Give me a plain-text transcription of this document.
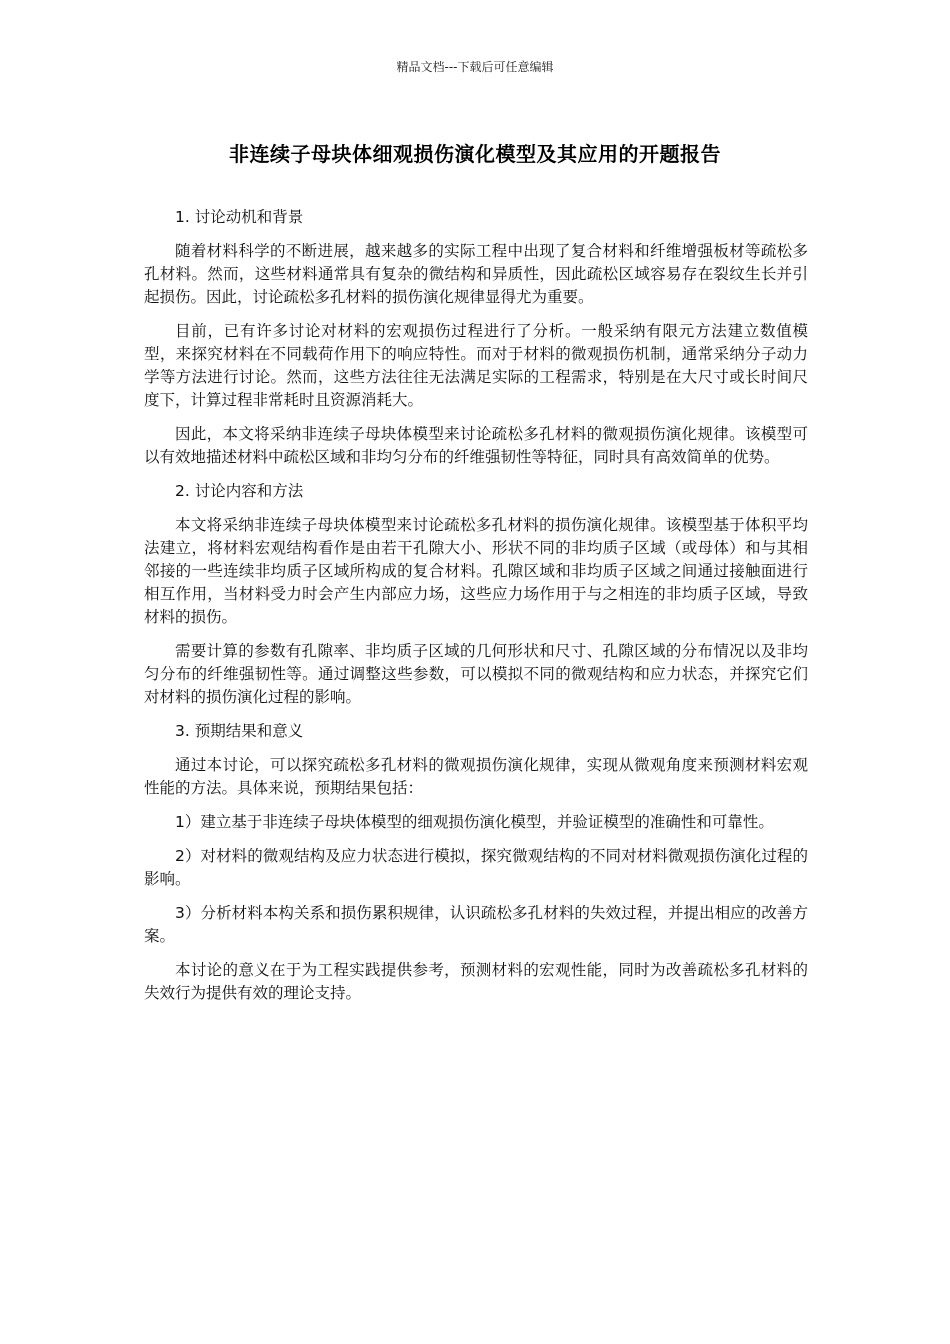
精品文档---下载后可任意编辑
非连续子母块体细观损伤演化模型及其应用的开题报告

1. 讨论动机和背景

随着材料科学的不断进展，越来越多的实际工程中出现了复合材料和纤维增强板材等疏松多孔材料。然而，这些材料通常具有复杂的微结构和异质性，因此疏松区域容易存在裂纹生长并引起损伤。因此，讨论疏松多孔材料的损伤演化规律显得尤为重要。

目前，已有许多讨论对材料的宏观损伤过程进行了分析。一般采纳有限元方法建立数值模型，来探究材料在不同载荷作用下的响应特性。而对于材料的微观损伤机制，通常采纳分子动力学等方法进行讨论。然而，这些方法往往无法满足实际的工程需求，特别是在大尺寸或长时间尺度下，计算过程非常耗时且资源消耗大。

因此，本文将采纳非连续子母块体模型来讨论疏松多孔材料的微观损伤演化规律。该模型可以有效地描述材料中疏松区域和非均匀分布的纤维强韧性等特征，同时具有高效简单的优势。

2. 讨论内容和方法

本文将采纳非连续子母块体模型来讨论疏松多孔材料的损伤演化规律。该模型基于体积平均法建立，将材料宏观结构看作是由若干孔隙大小、形状不同的非均质子区域（或母体）和与其相邻接的一些连续非均质子区域所构成的复合材料。孔隙区域和非均质子区域之间通过接触面进行相互作用，当材料受力时会产生内部应力场，这些应力场作用于与之相连的非均质子区域，导致材料的损伤。

需要计算的参数有孔隙率、非均质子区域的几何形状和尺寸、孔隙区域的分布情况以及非均匀分布的纤维强韧性等。通过调整这些参数，可以模拟不同的微观结构和应力状态，并探究它们对材料的损伤演化过程的影响。

3. 预期结果和意义

通过本讨论，可以探究疏松多孔材料的微观损伤演化规律，实现从微观角度来预测材料宏观性能的方法。具体来说，预期结果包括：

1）建立基于非连续子母块体模型的细观损伤演化模型，并验证模型的准确性和可靠性。

2）对材料的微观结构及应力状态进行模拟，探究微观结构的不同对材料微观损伤演化过程的影响。

3）分析材料本构关系和损伤累积规律，认识疏松多孔材料的失效过程，并提出相应的改善方案。

本讨论的意义在于为工程实践提供参考，预测材料的宏观性能，同时为改善疏松多孔材料的失效行为提供有效的理论支持。
